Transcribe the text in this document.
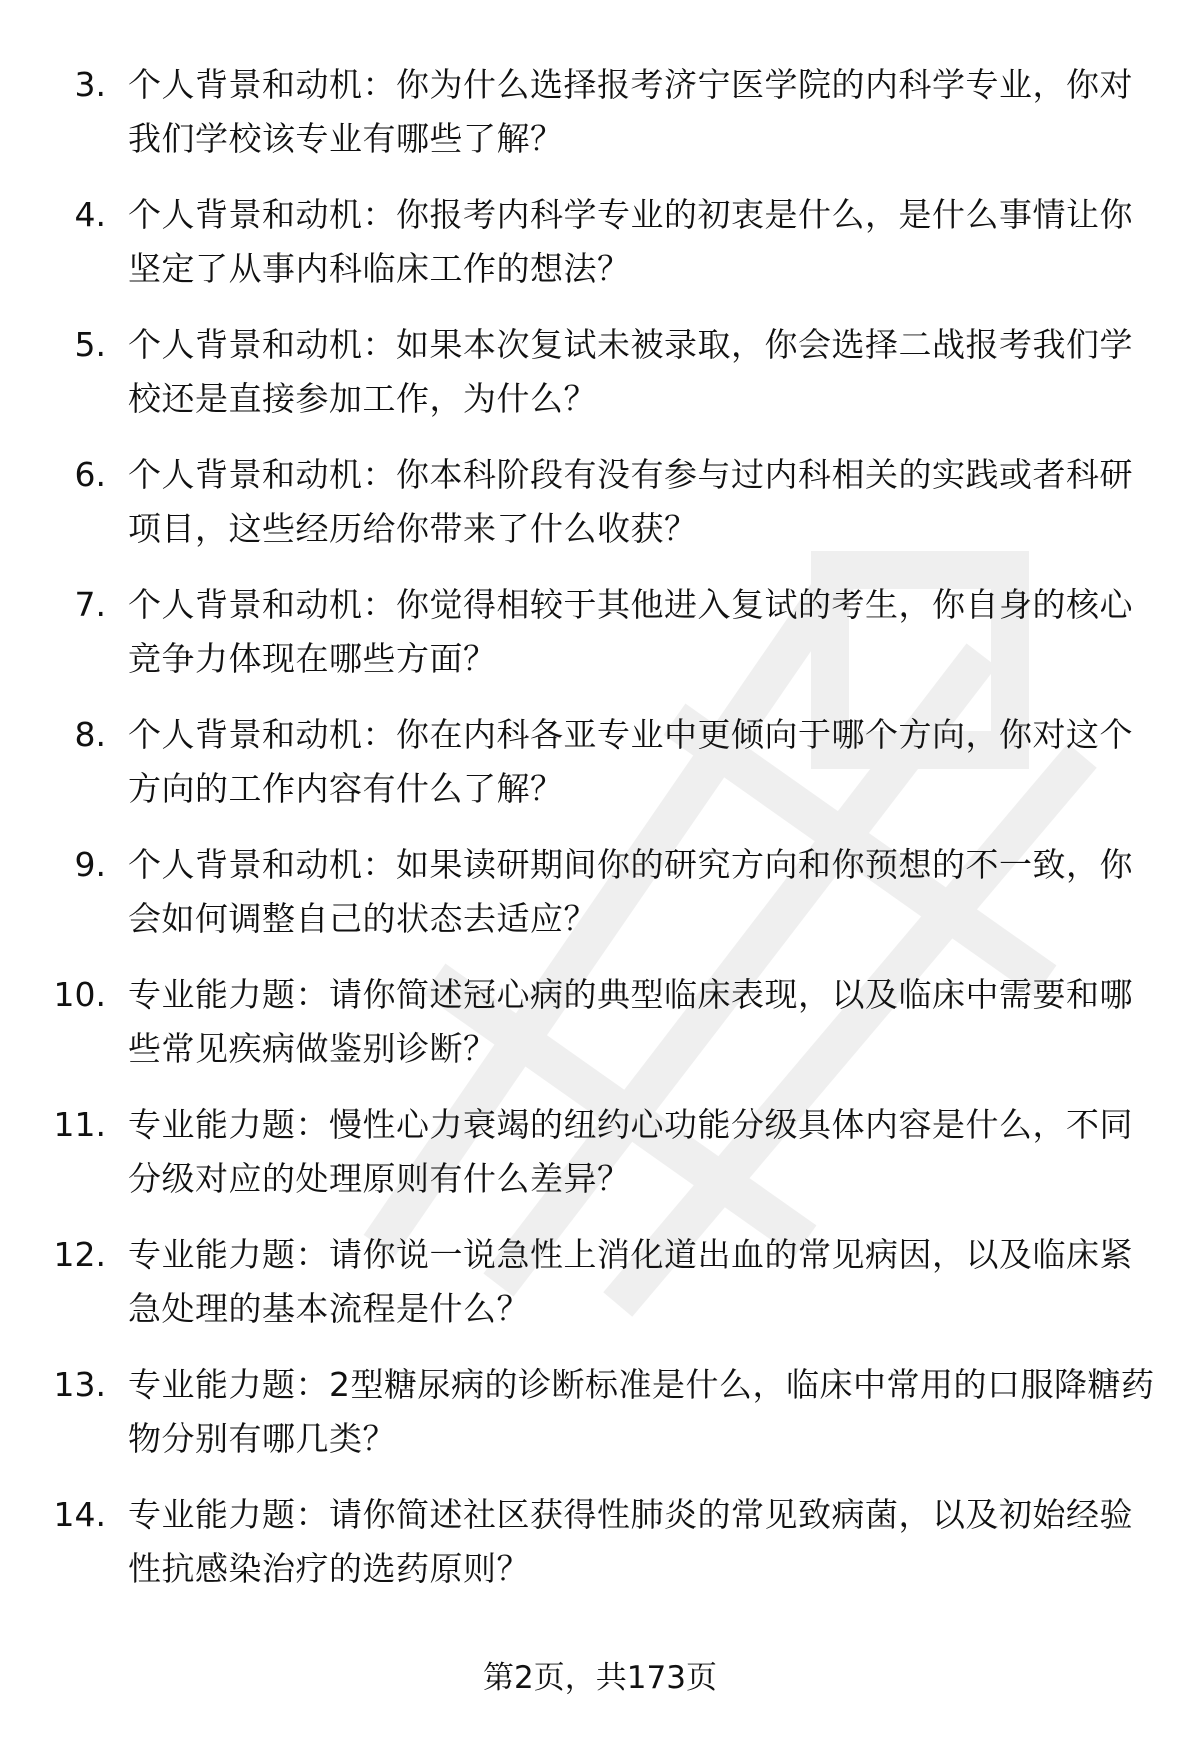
3. 个人背景和动机：你为什么选择报考济宁医学院的内科学专业，你对我们学校该专业有哪些了解？
4. 个人背景和动机：你报考内科学专业的初衷是什么，是什么事情让你坚定了从事内科临床工作的想法？
5. 个人背景和动机：如果本次复试未被录取，你会选择二战报考我们学校还是直接参加工作，为什么？
6. 个人背景和动机：你本科阶段有没有参与过内科相关的实践或者科研项目，这些经历给你带来了什么收获？
7. 个人背景和动机：你觉得相较于其他进入复试的考生，你自身的核心竞争力体现在哪些方面？
8. 个人背景和动机：你在内科各亚专业中更倾向于哪个方向，你对这个方向的工作内容有什么了解？
9. 个人背景和动机：如果读研期间你的研究方向和你预想的不一致，你会如何调整自己的状态去适应？
10. 专业能力题：请你简述冠心病的典型临床表现，以及临床中需要和哪些常见疾病做鉴别诊断？
11. 专业能力题：慢性心力衰竭的纽约心功能分级具体内容是什么，不同分级对应的处理原则有什么差异？
12. 专业能力题：请你说一说急性上消化道出血的常见病因，以及临床紧急处理的基本流程是什么？
13. 专业能力题：2型糖尿病的诊断标准是什么，临床中常用的口服降糖药物分别有哪几类？
14. 专业能力题：请你简述社区获得性肺炎的常见致病菌，以及初始经验性抗感染治疗的选药原则？
第2页，共173页
